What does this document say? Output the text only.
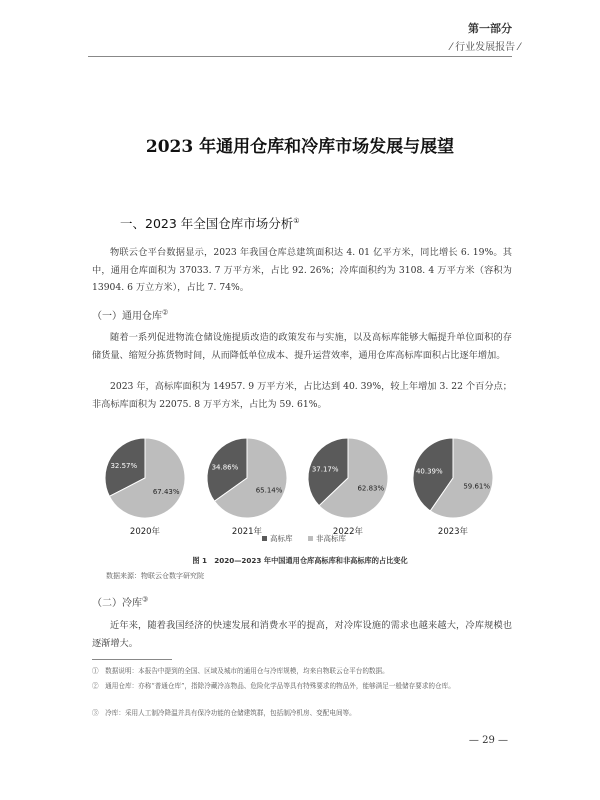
第一部分
⁄ 行业发展报告 ⁄
2023 年通用仓库和冷库市场发展与展望
一、2023 年全国仓库市场分析①

物联云仓平台数据显示，2023 年我国仓库总建筑面积达 4. 01 亿平方米，同比增长 6. 19%。其中，通用仓库面积为 37033. 7 万平方米，占比 92. 26%；冷库面积约为 3108. 4 万平方米（容积为 13904. 6 万立方米），占比 7. 74%。

（一）通用仓库②

随着一系列促进物流仓储设施提质改造的政策发布与实施，以及高标库能够大幅提升单位面积的存储货量、缩短分拣货物时间，从而降低单位成本、提升运营效率，通用仓库高标库面积占比逐年增加。

2023 年，高标库面积为 14957. 9 万平方米，占比达到 40. 39%，较上年增加 3. 22 个百分点；非高标库面积为 22075. 8 万平方米，占比为 59. 61%。

32.57%
67.43%
2020年
34.86%
65.14%
2021年
37.17%
62.83%
2022年
40.39%
59.61%
2023年
高标库	非高标库
图 1　2020—2023 年中国通用仓库高标库和非高标库的占比变化
数据来源：物联云仓数字研究院
（二）冷库③

近年来，随着我国经济的快速发展和消费水平的提高，对冷库设施的需求也越来越大，冷库规模也逐渐增大。

①　数据说明：本报告中提到的全国、区域及城市的通用仓与冷库规模，均来自物联云仓平台的数据。
②　通用仓库：亦称“普通仓库”，指除冷藏冷冻物品、危险化学品等具有特殊要求的物品外，能够满足一般储存要求的仓库。
③　冷库：采用人工制冷降温并具有保冷功能的仓储建筑群，包括制冷机房、变配电间等。
— 29 —
